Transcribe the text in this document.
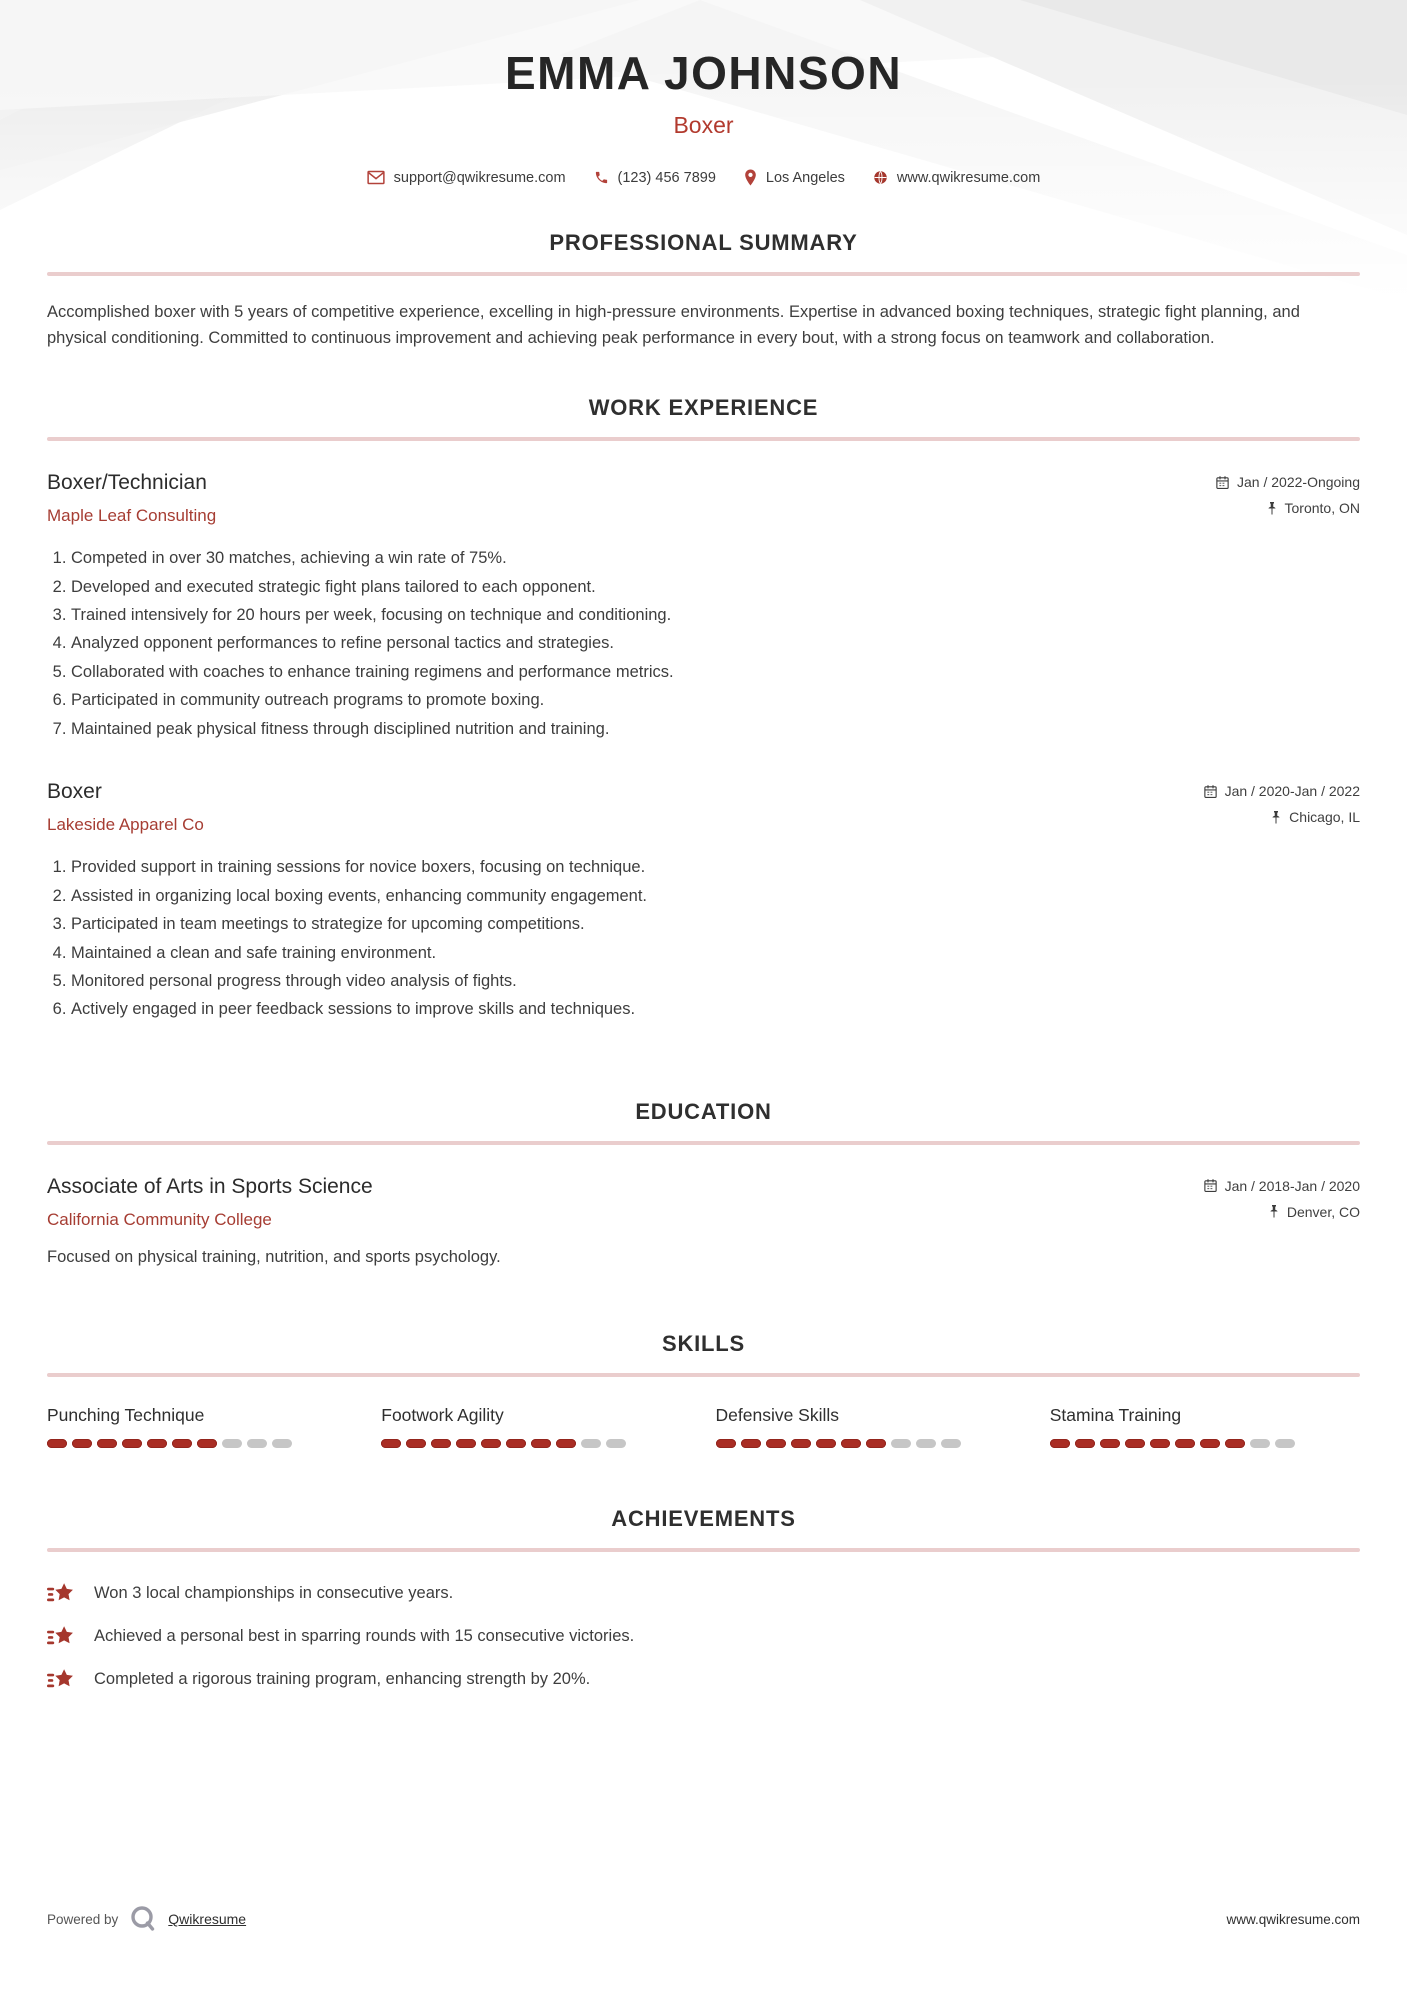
EMMA JOHNSON
Boxer
support@qwikresume.com	(123) 456 7899	Los Angeles	www.qwikresume.com
PROFESSIONAL SUMMARY

Accomplished boxer with 5 years of competitive experience, excelling in high-pressure environments. Expertise in advanced boxing techniques, strategic fight planning, and physical conditioning. Committed to continuous improvement and achieving peak performance in every bout, with a strong focus on teamwork and collaboration.

WORK EXPERIENCE
Boxer/Technician
Maple Leaf Consulting
Jan / 2022-Ongoing
Toronto, ON
1. Competed in over 30 matches, achieving a win rate of 75%.
2. Developed and executed strategic fight plans tailored to each opponent.
3. Trained intensively for 20 hours per week, focusing on technique and conditioning.
4. Analyzed opponent performances to refine personal tactics and strategies.
5. Collaborated with coaches to enhance training regimens and performance metrics.
6. Participated in community outreach programs to promote boxing.
7. Maintained peak physical fitness through disciplined nutrition and training.
Boxer
Lakeside Apparel Co
Jan / 2020-Jan / 2022
Chicago, IL
1. Provided support in training sessions for novice boxers, focusing on technique.
2. Assisted in organizing local boxing events, enhancing community engagement.
3. Participated in team meetings to strategize for upcoming competitions.
4. Maintained a clean and safe training environment.
5. Monitored personal progress through video analysis of fights.
6. Actively engaged in peer feedback sessions to improve skills and techniques.
EDUCATION
Associate of Arts in Sports Science
California Community College
Jan / 2018-Jan / 2020
Denver, CO

Focused on physical training, nutrition, and sports psychology.

SKILLS
Punching Technique	Footwork Agility	Defensive Skills	Stamina Training
ACHIEVEMENTS
Won 3 local championships in consecutive years.
Achieved a personal best in sparring rounds with 15 consecutive victories.
Completed a rigorous training program, enhancing strength by 20%.
Powered by	Qwikresume	www.qwikresume.com
